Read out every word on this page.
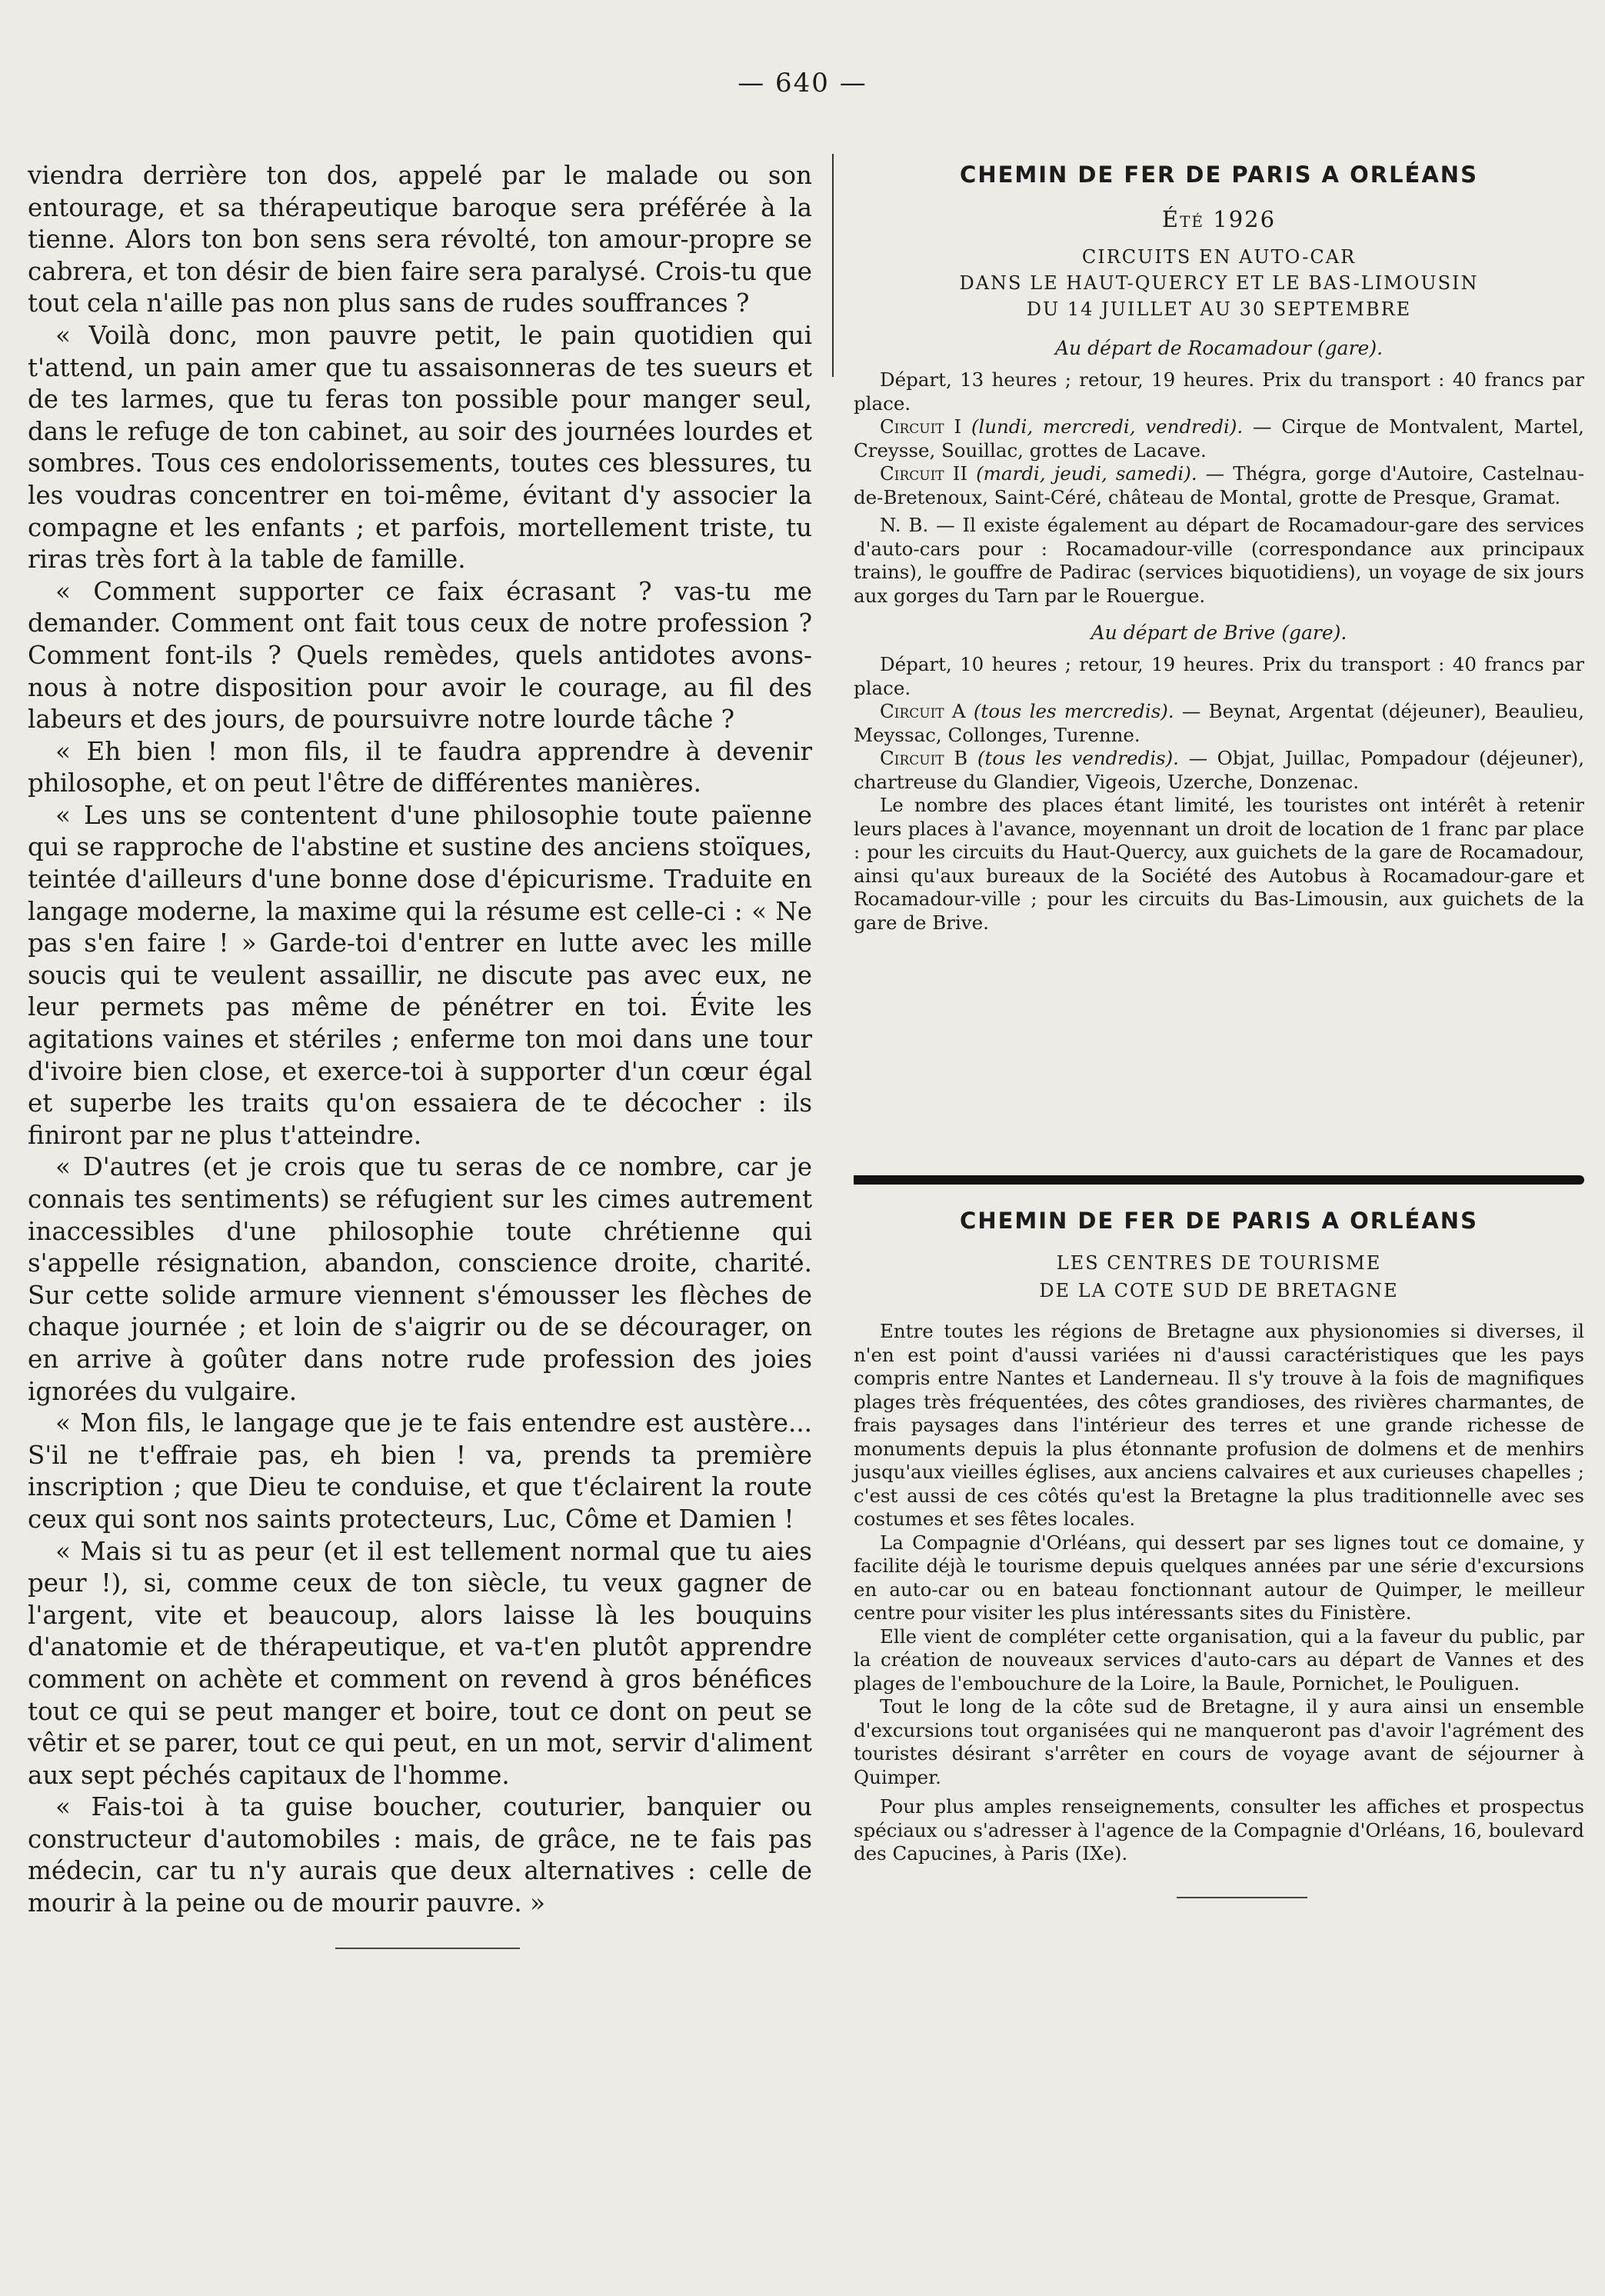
— 640 —

viendra derrière ton dos, appelé par le malade ou son entourage, et sa thérapeutique baroque sera préférée à la tienne. Alors ton bon sens sera révolté, ton amour-propre se cabrera, et ton désir de bien faire sera paralysé. Crois-tu que tout cela n'aille pas non plus sans de rudes souffrances ?

« Voilà donc, mon pauvre petit, le pain quotidien qui t'attend, un pain amer que tu assaisonneras de tes sueurs et de tes larmes, que tu feras ton possible pour manger seul, dans le refuge de ton cabinet, au soir des journées lourdes et sombres. Tous ces endolorissements, toutes ces blessures, tu les voudras concentrer en toi-même, évitant d'y associer la compagne et les enfants ; et parfois, mortellement triste, tu riras très fort à la table de famille.

« Comment supporter ce faix écrasant ? vas-tu me demander. Comment ont fait tous ceux de notre profession ? Comment font-ils ? Quels remèdes, quels antidotes avons-nous à notre disposition pour avoir le courage, au fil des labeurs et des jours, de poursuivre notre lourde tâche ?

« Eh bien ! mon fils, il te faudra apprendre à devenir philosophe, et on peut l'être de différentes manières.

« Les uns se contentent d'une philosophie toute païenne qui se rapproche de l'abstine et sustine des anciens stoïques, teintée d'ailleurs d'une bonne dose d'épicurisme. Traduite en langage moderne, la maxime qui la résume est celle-ci : « Ne pas s'en faire ! » Garde-toi d'entrer en lutte avec les mille soucis qui te veulent assaillir, ne discute pas avec eux, ne leur permets pas même de pénétrer en toi. Évite les agitations vaines et stériles ; enferme ton moi dans une tour d'ivoire bien close, et exerce-toi à supporter d'un cœur égal et superbe les traits qu'on essaiera de te décocher : ils finiront par ne plus t'atteindre.

« D'autres (et je crois que tu seras de ce nombre, car je connais tes sentiments) se réfugient sur les cimes autrement inaccessibles d'une philosophie toute chrétienne qui s'appelle résignation, abandon, conscience droite, charité. Sur cette solide armure viennent s'émousser les flèches de chaque journée ; et loin de s'aigrir ou de se décourager, on en arrive à goûter dans notre rude profession des joies ignorées du vulgaire.

« Mon fils, le langage que je te fais entendre est austère... S'il ne t'effraie pas, eh bien ! va, prends ta première inscription ; que Dieu te conduise, et que t'éclairent la route ceux qui sont nos saints protecteurs, Luc, Côme et Damien !

« Mais si tu as peur (et il est tellement normal que tu aies peur !), si, comme ceux de ton siècle, tu veux gagner de l'argent, vite et beaucoup, alors laisse là les bouquins d'anatomie et de thérapeutique, et va-t'en plutôt apprendre comment on achète et comment on revend à gros bénéfices tout ce qui se peut manger et boire, tout ce dont on peut se vêtir et se parer, tout ce qui peut, en un mot, servir d'aliment aux sept péchés capitaux de l'homme.

« Fais-toi à ta guise boucher, couturier, banquier ou constructeur d'automobiles : mais, de grâce, ne te fais pas médecin, car tu n'y aurais que deux alternatives : celle de mourir à la peine ou de mourir pauvre. »

CHEMIN DE FER DE PARIS A ORLÉANS

Été 1926

CIRCUITS EN AUTO-CAR

DANS LE HAUT-QUERCY ET LE BAS-LIMOUSIN

DU 14 JUILLET AU 30 SEPTEMBRE

Au départ de Rocamadour (gare).

Départ, 13 heures ; retour, 19 heures. Prix du transport : 40 francs par place.

Circuit I (lundi, mercredi, vendredi). — Cirque de Montvalent, Martel, Creysse, Souillac, grottes de Lacave.

Circuit II (mardi, jeudi, samedi). — Thégra, gorge d'Autoire, Castelnau-de-Bretenoux, Saint-Céré, château de Montal, grotte de Presque, Gramat.

N. B. — Il existe également au départ de Rocamadour-gare des services d'auto-cars pour : Rocamadour-ville (correspondance aux principaux trains), le gouffre de Padirac (services biquotidiens), un voyage de six jours aux gorges du Tarn par le Rouergue.

Au départ de Brive (gare).

Départ, 10 heures ; retour, 19 heures. Prix du transport : 40 francs par place.

Circuit A (tous les mercredis). — Beynat, Argentat (déjeuner), Beaulieu, Meyssac, Collonges, Turenne.

Circuit B (tous les vendredis). — Objat, Juillac, Pompadour (déjeuner), chartreuse du Glandier, Vigeois, Uzerche, Donzenac.

Le nombre des places étant limité, les touristes ont intérêt à retenir leurs places à l'avance, moyennant un droit de location de 1 franc par place : pour les circuits du Haut-Quercy, aux guichets de la gare de Rocamadour, ainsi qu'aux bureaux de la Société des Autobus à Rocamadour-gare et Rocamadour-ville ; pour les circuits du Bas-Limousin, aux guichets de la gare de Brive.

CHEMIN DE FER DE PARIS A ORLÉANS

LES CENTRES DE TOURISME

DE LA COTE SUD DE BRETAGNE

Entre toutes les régions de Bretagne aux physionomies si diverses, il n'en est point d'aussi variées ni d'aussi caractéristiques que les pays compris entre Nantes et Landerneau. Il s'y trouve à la fois de magnifiques plages très fréquentées, des côtes grandioses, des rivières charmantes, de frais paysages dans l'intérieur des terres et une grande richesse de monuments depuis la plus étonnante profusion de dolmens et de menhirs jusqu'aux vieilles églises, aux anciens calvaires et aux curieuses chapelles ; c'est aussi de ces côtés qu'est la Bretagne la plus traditionnelle avec ses costumes et ses fêtes locales.

La Compagnie d'Orléans, qui dessert par ses lignes tout ce domaine, y facilite déjà le tourisme depuis quelques années par une série d'excursions en auto-car ou en bateau fonctionnant autour de Quimper, le meilleur centre pour visiter les plus intéressants sites du Finistère.

Elle vient de compléter cette organisation, qui a la faveur du public, par la création de nouveaux services d'auto-cars au départ de Vannes et des plages de l'embouchure de la Loire, la Baule, Pornichet, le Pouliguen.

Tout le long de la côte sud de Bretagne, il y aura ainsi un ensemble d'excursions tout organisées qui ne manqueront pas d'avoir l'agrément des touristes désirant s'arrêter en cours de voyage avant de séjourner à Quimper.

Pour plus amples renseignements, consulter les affiches et prospectus spéciaux ou s'adresser à l'agence de la Compagnie d'Orléans, 16, boulevard des Capucines, à Paris (IXe).
